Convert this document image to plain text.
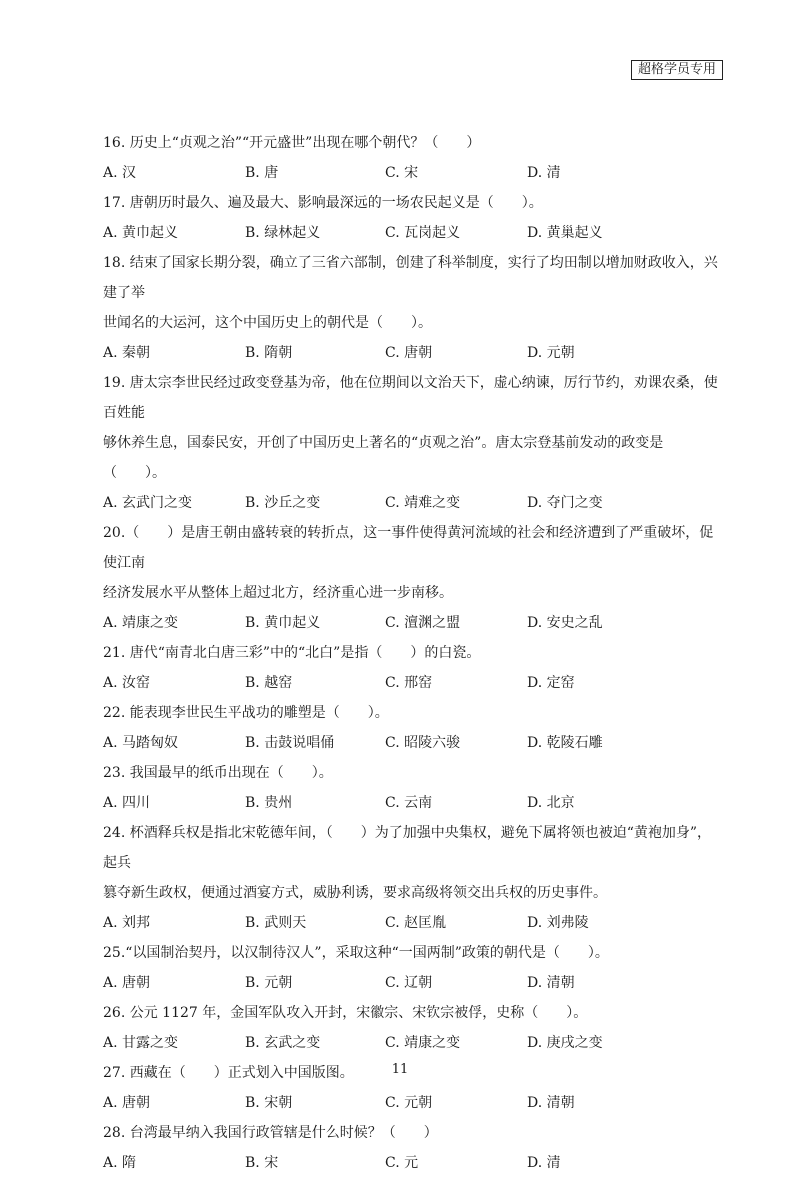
超格学员专用

16. 历史上“贞观之治”“开元盛世”出现在哪个朝代？（　　）

A. 汉	B. 唐	C. 宋	D. 清

17. 唐朝历时最久、遍及最大、影响最深远的一场农民起义是（　　）。

A. 黄巾起义	B. 绿林起义	C. 瓦岗起义	D. 黄巢起义

18. 结束了国家长期分裂，确立了三省六部制，创建了科举制度，实行了均田制以增加财政收入，兴建了举

世闻名的大运河，这个中国历史上的朝代是（　　）。

A. 秦朝	B. 隋朝	C. 唐朝	D. 元朝

19. 唐太宗李世民经过政变登基为帝，他在位期间以文治天下，虚心纳谏，厉行节约，劝课农桑，使百姓能

够休养生息，国泰民安，开创了中国历史上著名的“贞观之治”。唐太宗登基前发动的政变是（　　）。

A. 玄武门之变	B. 沙丘之变	C. 靖难之变	D. 夺门之变

20.（　　）是唐王朝由盛转衰的转折点，这一事件使得黄河流域的社会和经济遭到了严重破坏，促使江南

经济发展水平从整体上超过北方，经济重心进一步南移。

A. 靖康之变	B. 黄巾起义	C. 澶渊之盟	D. 安史之乱

21. 唐代“南青北白唐三彩”中的“北白”是指（　　）的白瓷。

A. 汝窑	B. 越窑	C. 邢窑	D. 定窑

22. 能表现李世民生平战功的雕塑是（　　）。

A. 马踏匈奴	B. 击鼓说唱俑	C. 昭陵六骏	D. 乾陵石雕

23. 我国最早的纸币出现在（　　）。

A. 四川	B. 贵州	C. 云南	D. 北京

24. 杯酒释兵权是指北宋乾德年间，（　　）为了加强中央集权，避免下属将领也被迫“黄袍加身”，起兵

篡夺新生政权，便通过酒宴方式，威胁利诱，要求高级将领交出兵权的历史事件。

A. 刘邦	B. 武则天	C. 赵匡胤	D. 刘弗陵

25.“以国制治契丹，以汉制待汉人”，采取这种“一国两制”政策的朝代是（　　）。

A. 唐朝	B. 元朝	C. 辽朝	D. 清朝

26. 公元 1127 年，金国军队攻入开封，宋徽宗、宋钦宗被俘，史称（　　）。

A. 甘露之变	B. 玄武之变	C. 靖康之变	D. 庚戌之变

27. 西藏在（　　）正式划入中国版图。

A. 唐朝	B. 宋朝	C. 元朝	D. 清朝

28. 台湾最早纳入我国行政管辖是什么时候？（　　）

A. 隋	B. 宋	C. 元	D. 清
11
